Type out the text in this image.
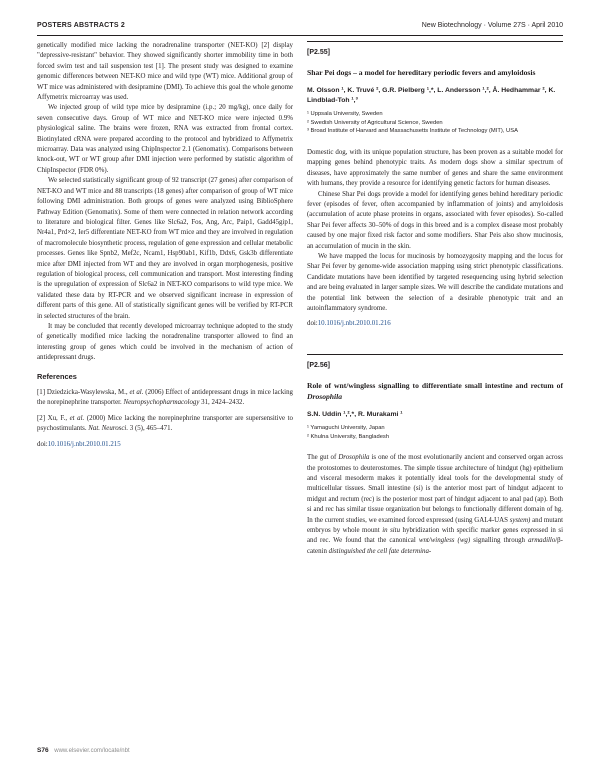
POSTERS ABSTRACTS 2	New Biotechnology · Volume 27S · April 2010

genetically modified mice lacking the noradrenaline transporter (NET-KO) [2] display "depressive-resistant" behavior. They showed significantly shorter immobility time in both forced swim test and tail suspension test [1]. The present study was designed to examine genomic differences between NET-KO mice and wild type (WT) mice. Additional group of WT mice was administered with desipramine (DMI). To achieve this goal the whole genome Affymetrix microarray was used.

We injected group of wild type mice by desipramine (i.p.; 20 mg/kg), once daily for seven consecutive days. Group of WT mice and NET-KO mice were injected 0.9% physiological saline. The brains were frozen, RNA was extracted from frontal cortex. Biotinylated cRNA were prepared according to the protocol and hybridized to Affymetrix microarray. Data was analyzed using ChipInspector 2.1 (Genomatix). Comparisons between knock-out, WT or WT group after DMI injection were performed by statistic algorithm of ChipInspector (FDR 0%).

We selected statistically significant group of 92 transcript (27 genes) after comparison of NET-KO and WT mice and 88 transcripts (18 genes) after comparison of group of WT mice following DMI administration. Both groups of genes were analyzed using BiblioSphere Pathway Edition (Genomatix). Some of them were connected in relation network according to literature and biological filter. Genes like Slc6a2, Fos, Ang, Arc, Paip1, Gadd45gip1, Nr4a1, Prd×2, Ier5 differentiate NET-KO from WT mice and they are involved in regulation of macromolecule biosynthetic process, regulation of gene expression and cellular metabolic processes. Genes like Spnb2, Mef2c, Ncam1, Hsp90ab1, Kif1b, Ddx6, Gsk3b differentiate mice after DMI injected from WT and they are involved in organ morphogenesis, positive regulation of biological process, cell communication and transport. Most interesting finding is the upregulation of expression of Slc6a2 in NET-KO comparisons to wild type mice. We validated these data by RT-PCR and we observed significant increase in expression of different parts of this gene. All of statistically significant genes will be verified by RT-PCR in selected structures of the brain.

It may be concluded that recently developed microarray technique adopted to the study of genetically modified mice lacking the noradrenaline transporter allowed to find an interesting group of genes which could be involved in the mechanism of action of antidepressant drugs.

References

[1] Dziedzicka-Wasylewska, M., et al. (2006) Effect of antidepressant drugs in mice lacking the norepinephrine transporter. Neuropsychopharmacology 31, 2424–2432.

[2] Xu, F., et al. (2000) Mice lacking the norepinephrine transporter are supersensitive to psychostimulants. Nat. Neurosci. 3 (5), 465–471.

doi:10.1016/j.nbt.2010.01.215

[P2.55]
Shar Pei dogs – a model for hereditary periodic fevers and amyloidosis
M. Olsson ¹, K. Truvé ², G.R. Pielberg ¹,*, L. Andersson ¹,², Å. Hedhammar ², K. Lindblad-Toh ¹,³
¹ Uppsala University, Sweden
² Swedish University of Agricultural Science, Sweden
³ Broad Institute of Harvard and Massachusetts Institute of Technology (MIT), USA

Domestic dog, with its unique population structure, has been proven as a suitable model for mapping genes behind phenotypic traits. As modern dogs show a similar spectrum of diseases, have approximately the same number of genes and share the same environment with humans, they provide a resource for identifying genetic factors for human diseases.

Chinese Shar Pei dogs provide a model for identifying genes behind hereditary periodic fever (episodes of fever, often accompanied by inflammation of joints) and amyloidosis (accumulation of acute phase proteins in organs, associated with fever episodes). So-called Shar Pei fever affects 30–50% of dogs in this breed and is a complex disease most probably caused by one major fixed risk factor and some modifiers. Shar Peis also show mucinosis, an accumulation of mucin in the skin.

We have mapped the locus for mucinosis by homozygosity mapping and the locus for Shar Pei fever by genome-wide association mapping using strict phenotypic classifications. Candidate mutations have been identified by targeted resequencing using hybrid selection and are being evaluated in larger sample sizes. We will describe the candidate mutations and the potential link between the selection of a desirable phenotypic trait and an autoinflammatory syndrome.

doi:10.1016/j.nbt.2010.01.216

[P2.56]
Role of wnt/wingless signalling to differentiate small intestine and rectum of Drosophila
S.N. Uddin ¹,²,*, R. Murakami ¹
¹ Yamaguchi University, Japan
² Khulna University, Bangladesh

The gut of Drosophila is one of the most evolutionarily ancient and conserved organ across the protostomes to deuterostomes. The simple tissue architecture of hindgut (hg) epithelium and visceral mesoderm makes it potentially ideal tools for the developmental study of multicellular tissues. Small intestine (si) is the anterior most part of hindgut adjacent to midgut and rectum (rec) is the posterior most part of hindgut adjacent to anal pad (ap). Both si and rec has similar tissue organization but belongs to functionally different domain of hg. In the current studies, we examined forced expressed (using GAL4-UAS system) and mutant embryos by whole mount in situ hybridization with specific marker genes expressed in si and rec. We found that the canonical wnt/wingless (wg) signalling through armadillo/β-catenin distinguished the cell fate determina-

S76 www.elsevier.com/locate/nbt
